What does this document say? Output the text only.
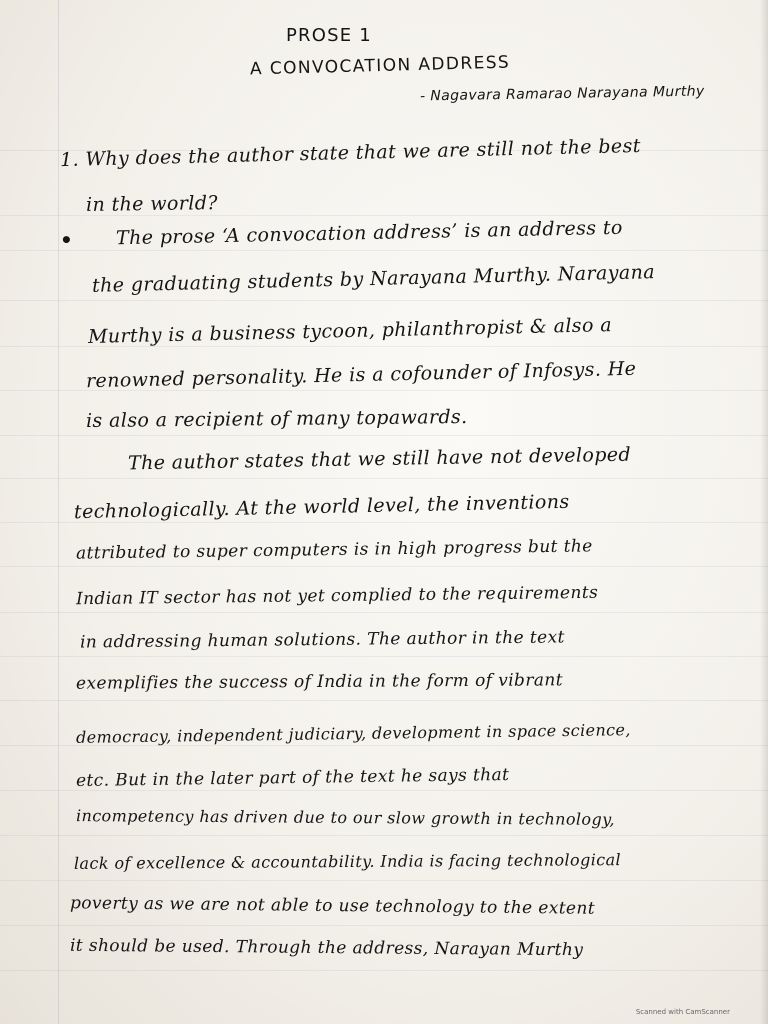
PROSE 1
A CONVOCATION ADDRESS
- Nagavara Ramarao Narayana Murthy
1. Why does the author state that we are still not the best
in the world?
• The prose ‘A convocation address’ is an address to
the graduating students by Narayana Murthy. Narayana
Murthy is a business tycoon, philanthropist & also a
renowned personality. He is a cofounder of Infosys. He
is also a recipient of many topawards.
The author states that we still have not developed
technologically. At the world level, the inventions
attributed to super computers is in high progress but the
Indian IT sector has not yet complied to the requirements
in addressing human solutions. The author in the text
exemplifies the success of India in the form of vibrant
democracy, independent judiciary, development in space science,
etc. But in the later part of the text he says that
incompetency has driven due to our slow growth in technology,
lack of excellence & accountability. India is facing technological
poverty as we are not able to use technology to the extent
it should be used. Through the address, Narayan Murthy
Scanned with CamScanner
